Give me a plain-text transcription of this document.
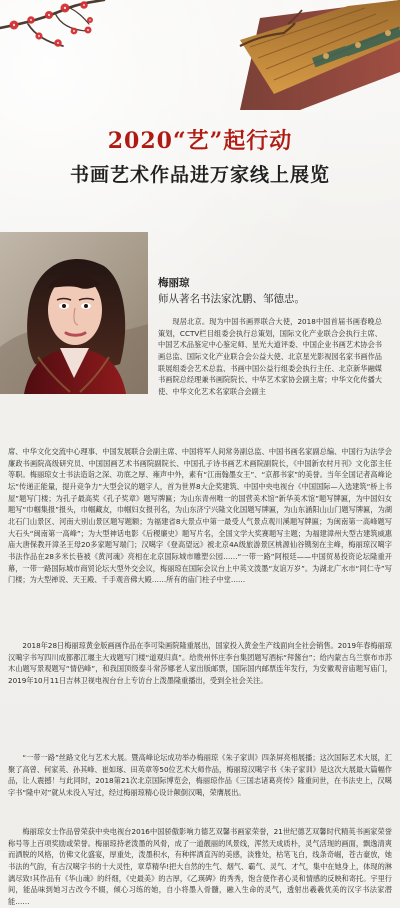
2020“艺”起行动
书画艺术作品进万家线上展览
梅丽琼
师从著名书法家沈鹏、邹德忠。
现居北京。现为中国书画界联合大使，2018中国首届书画春晚总策划，CCTV栏目组委会执行总策划，国际文化产业联合会执行主席、中国艺术品鉴定中心鉴定师、星光大道评委、中国企业书画艺术协会书画总监、国际文化产业联合会公益大使、北京星光影视园名家书画作品联展组委会艺术总监、书画中国公益行组委会执行主任、北京新华融媒书画院总经理兼书画院院长、中华艺术家协会副主席；中华文化传播大使、中华文化艺术名家联合会副主
席、中华文化交流中心理事、中国发展联合会副主席、中国将军人间常务副总监、中国书画名家副总编、中国行为法学会廉政书画院高级研究员、中国国画艺术书画院副院长、中国孔子诗书画艺术画院副院长，《中国新农村月刊》文化部主任等职。梅丽琼女士书法造诣之深、功底之厚、雍声中外，素有“江南翰墨女王”、“京都书家”的美誉。当年全国记者高峰论坛“传递正能量，提升竞争力”大型会议的题字人，首为世界8大企奖建筑、中国中央电视台《中国国际—入选建筑“桥上书屋”题写门楼；为孔子最高奖《孔子奖章》题写牌匾；为山东青州唯一的国营美术馆“新华美术馆”题写牌匾，为中国妇女题写“巾帼集报”报头，巾帼藏友，巾帼妇女报刊名，为山东济宁兴隆文化国题写牌匾，为山东涵阳山山门题写牌匾，为湖北石门山景区、河南大别山景区题写题额；为福建省8大景点中第一最受人气景点观川溪题写牌匾；为闽南第一高峰题写大石头“闽南第一高峰”；为大型神话电影《后稷廉史》题写片名，全国文学大奖赛题写主题；为福建漳州大型古建筑威惠庙大唐保教开漳圣王母20多家题写端门；汉噶字《登高望远》被北京4A级旅游景区桃源仙谷镌刻在主峰，梅丽琼汉噶字书法作品在28多米长巷被《黄河魂》亮相在北京国际城市雕塑公园……“一带一路”阿根廷——中国贸易投资论坛隆重开幕，一带一路国际城市商贸论坛大型外交会议，梅丽琼在国际会议台上中英文泼墨“友谊万岁”。为湖北广水市“同仁寺”写门楼；为大型禅说、天王殿、千手观音佛大殿……所有的庙门柱子中堂……
2018年28日梅丽琼黄金版画画作品在李可染画院隆重展出，国家投入黄金生产线面向全社会销售。2019年春梅丽琼汉噶字书写四川成都都江堰主大戏题写门楼“道观归真”。给贵州怀庄李台集团题写酒标“拜酱台”；给内蒙古乌兰察布市苏木山题写景观题写“情侣峰”，和我国顶级泰斗常莎娜老人家出版邮票，国际国内邮票连年发行，为安徽观音庙题写庙门，2019年10月11日吉林卫视电视台台上专访台上泼墨隆重播出，受到全社会关注。
“一带一路”丝路文化与艺术大展。暨高峰论坛成功举办梅丽琼《朱子家训》四条屏亮相展播；这次国际艺术大展，汇聚了高曾、何家英、孙其峰、崔如琢、田英章等50位艺术大师作品，梅丽琼汉噶字书《朱子家训》是这次大展最大篇幅作品，让人震撼！与此同时，2018第21次北京国际博览会，梅丽琼作品《三国志诸葛亮传》隆重问世，在书法史上，汉噶字书“隆中对”就从未没入写过，经过梅丽琼精心设计颠倒汉噶，荣膺展出。
梅丽琼女士作品曾荣获中央电视台2016中国骄傲影响力德艺双馨书画家荣誉，21世纪德艺双馨时代精英书画家荣誉称号等上百项奖励或荣誉。梅丽琼持老泼墨的风骨，成了一道靓丽的风景线，浑然天成质朴，灵气活现的画面，飘逸清爽而洒脱的风格，仿佛文化盛宴，厚重处，泼墨积水，有种挥洒直泻的美感，淡雅处，枯笔飞白，线条奇崛，苍古豪放，她书法的气韵，有古汉噶字书的十大灵性，章草精华!把大自然的生气、烟气、霸气、灵气、才气，集中在她身上，体现的淋漓尽致!其作品有《华山魂》的纤细，《史最美》的古厚，《乙瑛碑》的秀秀，饱含使作者心灵和情感的反映和寄托。宇里行间，能品味到她习古改今不辍，倾心习练的她，自小将墨入骨髓，融入生命的灵气，透射出羲羲优美的汉字书法家潜能……
